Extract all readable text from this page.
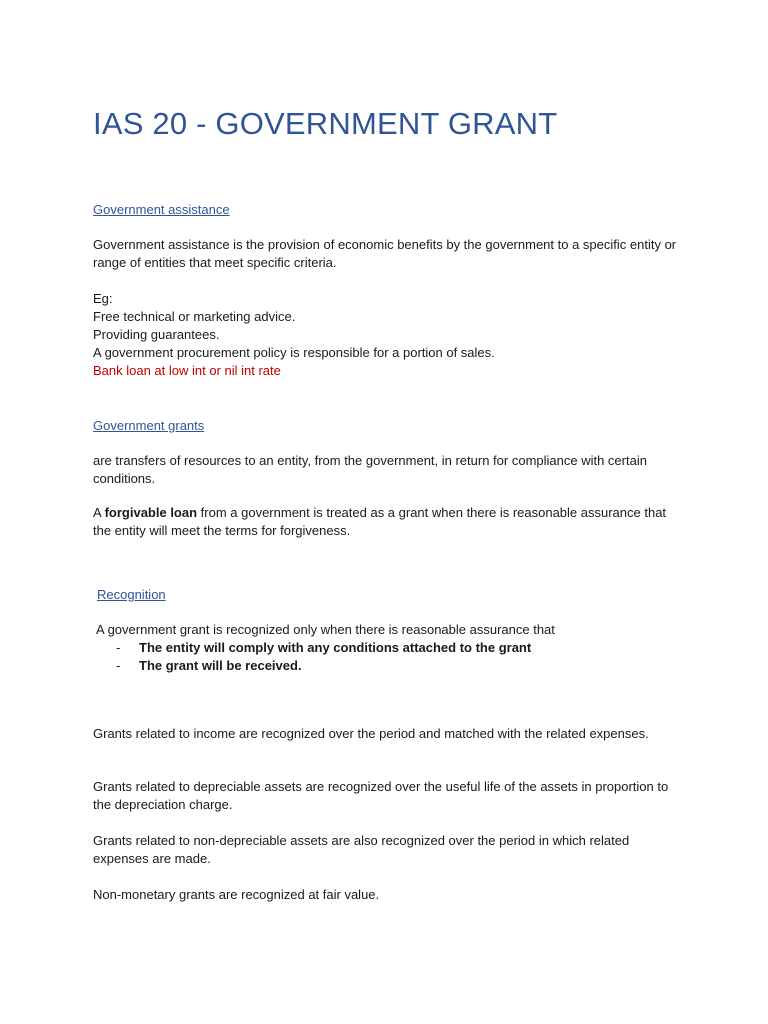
IAS 20 - GOVERNMENT GRANT
Government assistance

Government assistance is the provision of economic benefits by the government to a specific entity or range of entities that meet specific criteria.

Eg:
Free technical or marketing advice.
Providing guarantees.
A government procurement policy is responsible for a portion of sales.
Bank loan at low int or nil int rate
Government grants

are transfers of resources to an entity, from the government, in return for compliance with certain conditions.

A forgivable loan from a government is treated as a grant when there is reasonable assurance that the entity will meet the terms for forgiveness.

Recognition

A government grant is recognized only when there is reasonable assurance that

- The entity will comply with any conditions attached to the grant
- The grant will be received.

Grants related to income are recognized over the period and matched with the related expenses.

Grants related to depreciable assets are recognized over the useful life of the assets in proportion to the depreciation charge.

Grants related to non-depreciable assets are also recognized over the period in which related expenses are made.

Non-monetary grants are recognized at fair value.
